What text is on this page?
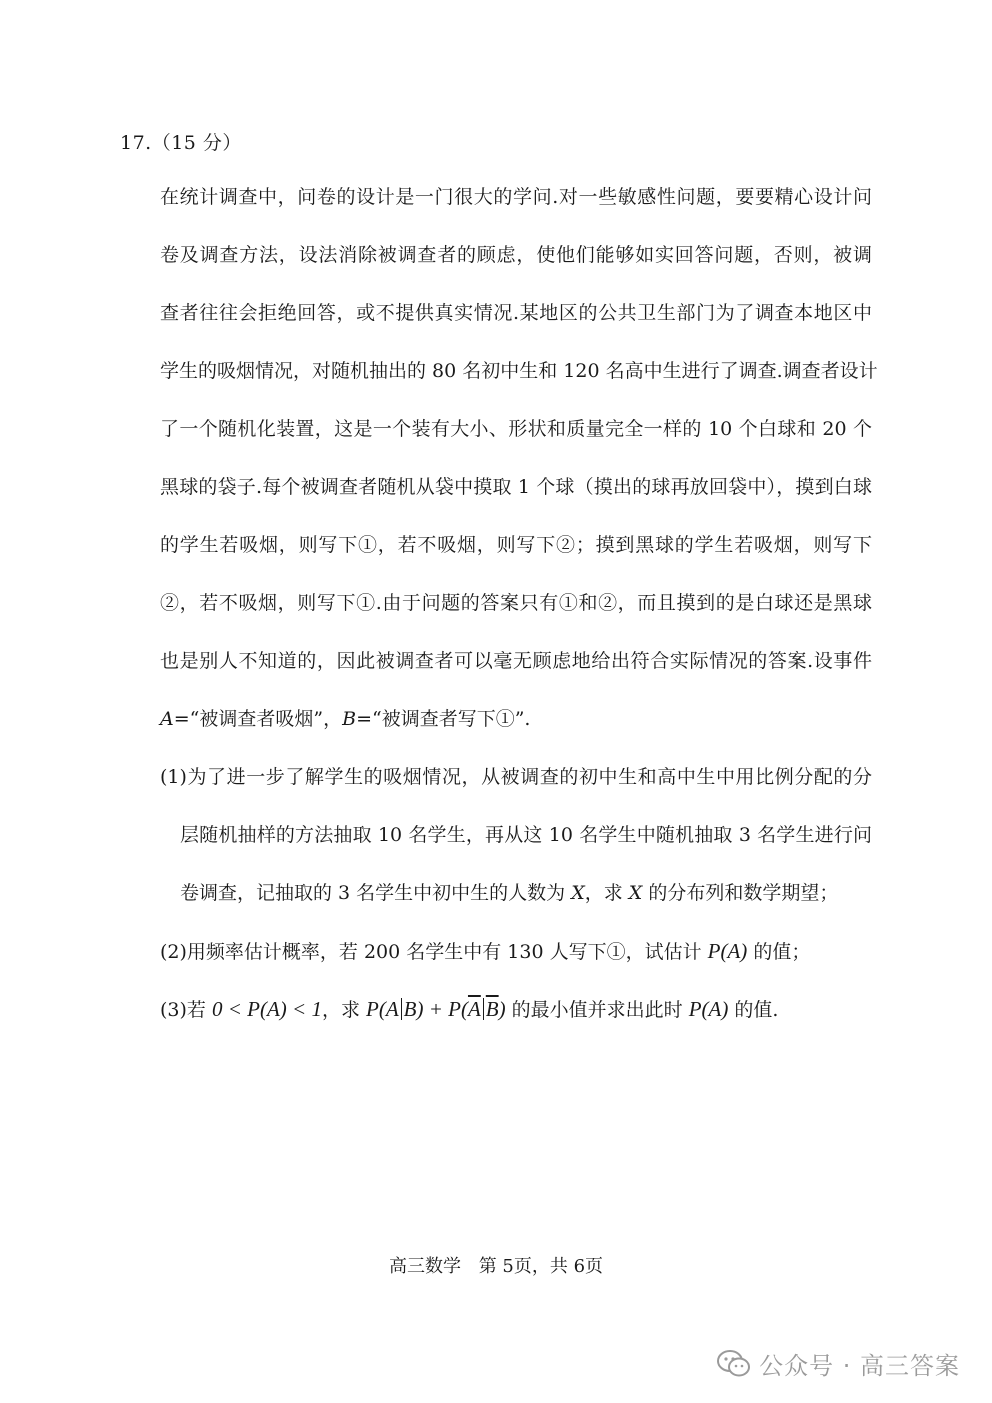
17.（15 分）
在统计调查中，问卷的设计是一门很大的学问.对一些敏感性问题，要要精心设计问
卷及调查方法，设法消除被调查者的顾虑，使他们能够如实回答问题，否则，被调
查者往往会拒绝回答，或不提供真实情况.某地区的公共卫生部门为了调查本地区中
学生的吸烟情况，对随机抽出的 80 名初中生和 120 名高中生进行了调查.调查者设计
了一个随机化装置，这是一个装有大小、形状和质量完全一样的 10 个白球和 20 个
黑球的袋子.每个被调查者随机从袋中摸取 1 个球（摸出的球再放回袋中），摸到白球
的学生若吸烟，则写下①，若不吸烟，则写下②；摸到黑球的学生若吸烟，则写下
②，若不吸烟，则写下①.由于问题的答案只有①和②，而且摸到的是白球还是黑球
也是别人不知道的，因此被调查者可以毫无顾虑地给出符合实际情况的答案.设事件
A=“被调查者吸烟”，B=“被调查者写下①”.
(1)为了进一步了解学生的吸烟情况，从被调查的初中生和高中生中用比例分配的分
层随机抽样的方法抽取 10 名学生，再从这 10 名学生中随机抽取 3 名学生进行问
卷调查，记抽取的 3 名学生中初中生的人数为 X，求 X 的分布列和数学期望；
(2)用频率估计概率，若 200 名学生中有 130 人写下①，试估计 P(A) 的值；
(3)若 0 < P(A) < 1，求 P(A $B) + P(\overline{A}$ $\overline{B}$) 的最小值并求出此时 P(A) 的值.
高三数学 第 5页，共 6页
公众号 · 高三答案
